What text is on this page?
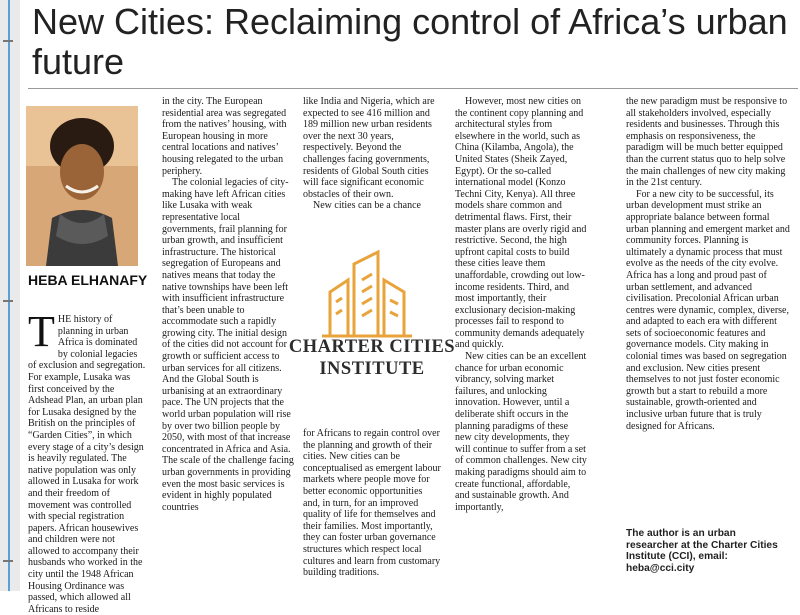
New Cities: Reclaiming control of Africa’s urban future
HEBA ELHANAFY
T HE history of planning in urban Africa is dominated by colonial legacies of exclusion and segregation. For example, Lusaka was first conceived by the Adshead Plan, an urban plan for Lusaka designed by the British on the principles of “Garden Cities”, in which every stage of a city’s design is heavily regulated. The native population was only allowed in Lusaka for work and their freedom of movement was controlled with special registration papers. African housewives and children were not allowed to accompany their husbands who worked in the city until the 1948 African Housing Ordinance was passed, which allowed all Africans to reside

in the city. The European residential area was segregated from the natives’ housing, with European housing in more central locations and natives’ housing relegated to the urban periphery.

The colonial legacies of city-making have left African cities like Lusaka with weak representative local governments, frail planning for urban growth, and insufficient infrastructure. The historical segregation of Europeans and natives means that today the native townships have been left with insufficient infrastructure that’s been unable to accommodate such a rapidly growing city. The initial design of the cities did not account for growth or sufficient access to urban services for all citizens. And the Global South is urbanising at an extraordinary pace. The UN projects that the world urban population will rise by over two billion people by 2050, with most of that increase concentrated in Africa and Asia. The scale of the challenge facing urban governments in providing even the most basic services is evident in highly populated countries

like India and Nigeria, which are expected to see 416 million and 189 million new urban residents over the next 30 years, respectively. Beyond the challenges facing governments, residents of Global South cities will face significant economic obstacles of their own.

New cities can be a chance

CHARTER CITIES INSTITUTE

for Africans to regain control over the planning and growth of their cities. New cities can be conceptualised as emergent labour markets where people move for better economic opportunities and, in turn, for an improved quality of life for themselves and their families. Most importantly, they can foster urban governance structures which respect local cultures and learn from customary building traditions.

However, most new cities on the continent copy planning and architectural styles from elsewhere in the world, such as China (Kilamba, Angola), the United States (Sheik Zayed, Egypt). Or the so-called international model (Konzo Techni City, Kenya). All three models share common and detrimental flaws. First, their master plans are overly rigid and restrictive. Second, the high upfront capital costs to build these cities leave them unaffordable, crowding out low-income residents. Third, and most importantly, their exclusionary decision-making processes fail to respond to community demands adequately and quickly.

New cities can be an excellent chance for urban economic vibrancy, solving market failures, and unlocking innovation. However, until a deliberate shift occurs in the planning paradigms of these new city developments, they will continue to suffer from a set of common challenges. New city making paradigms should aim to create functional, affordable, and sustainable growth. And importantly,

the new paradigm must be responsive to all stakeholders involved, especially residents and businesses. Through this emphasis on responsiveness, the paradigm will be much better equipped than the current status quo to help solve the main challenges of new city making in the 21st century.

For a new city to be successful, its urban development must strike an appropriate balance between formal urban planning and emergent market and community forces. Planning is ultimately a dynamic process that must evolve as the needs of the city evolve. Africa has a long and proud past of urban settlement, and advanced civilisation. Precolonial African urban centres were dynamic, complex, diverse, and adapted to each era with different sets of socioeconomic features and governance models. City making in colonial times was based on segregation and exclusion. New cities present themselves to not just foster economic growth but a start to rebuild a more sustainable, growth-oriented and inclusive urban future that is truly designed for Africans.

The author is an urban researcher at the Charter Cities Institute (CCI), email: heba@cci.city
